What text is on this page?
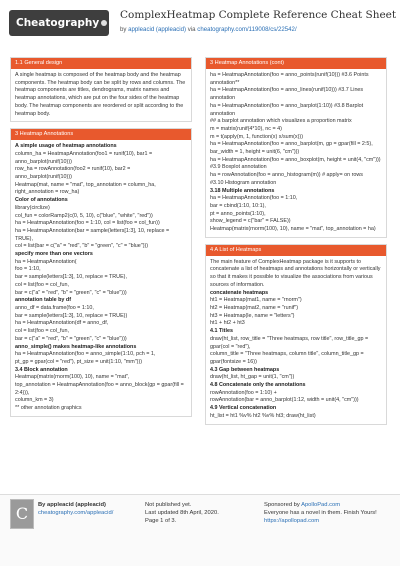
Cheatography
ComplexHeatmap Complete Reference Cheat Sheet
by appleacid (appleacid) via cheatography.com/119008/cs/22542/
1.1 General design

A single heatmap is composed of the heatmap body and the heatmap components. The heatmap body can be split by rows and columns. The heatmap components are titles, dendrograms, matrix names and heatmap annotations, which are put on the four sides of the heatmap body. The heatmap components are reordered or split according to the heatmap body.

3 Heatmap Annotations

A simple usage of heatmap annotations

column_ha = HeatmapAnnotation(foo1 = runif(10), bar1 = anno_barplot(runif(10)))

row_ha = rowAnnotation(foo2 = runif(10), bar2 = anno_barplot(runif(10)))

Heatmap(mat, name = "mat", top_annotation = column_ha, right_annotation = row_ha)

Color of annotations

library(circlize)

col_fun = colorRamp2(c(0, 5, 10), c("blue", "white", "red"))

ha = HeatmapAnnotation(foo = 1:10, col = list(foo = col_fun))

ha = HeatmapAnnotation(bar = sample(letters[1:3], 10, replace = TRUE),

col = list(bar = c("a" = "red", "b" = "green", "c" = "blue")))

specify more than one vectors

ha = HeatmapAnnotation(

foo = 1:10,

bar = sample(letters[1:3], 10, replace = TRUE),

col = list(foo = col_fun,

bar = c("a" = "red", "b" = "green", "c" = "blue")))

annotation table by df

anno_df = data.frame(foo = 1:10,

bar = sample(letters[1:3], 10, replace = TRUE))

ha = HeatmapAnnotation(df = anno_df,

col = list(foo = col_fun,

bar = c("a" = "red", "b" = "green", "c" = "blue")))

anno_simple() makes heatmap-like annotations

ha = HeatmapAnnotation(foo = anno_simple(1:10, pch = 1,

pt_gp = gpar(col = "red"), pt_size = unit(1:10, "mm")))

3.4 Block annotation

Heatmap(matrix(rnorm(100), 10), name = "mat",

top_annotation = HeatmapAnnotation(foo = anno_block(gp = gpar(fill = 2:4))),

column_km = 3)

** other annotation graphics

3 Heatmap Annotations (cont)

ha = HeatmapAnnotation(foo = anno_points(runif(10))) #3.6 Points annotation**

ha = HeatmapAnnotation(foo = anno_lines(runif(10))) #3.7 Lines annotation

ha = HeatmapAnnotation(foo = anno_barplot(1:10)) #3.8 Barplot annotation

## a barplot annotation which visualizes a proportion matrix

m = matrix(runif(4*10), nc = 4)

m = t(apply(m, 1, function(x) x/sum(x)))

ha = HeatmapAnnotation(foo = anno_barplot(m, gp = gpar(fill = 2:5), bar_width = 1, height = unit(6, "cm")))

ha = HeatmapAnnotation(foo = anno_boxplot(m, height = unit(4, "cm"))) #3.9 Boxplot annotation

ha = rowAnnotation(foo = anno_histogram(m)) # apply= on rows

#3.10 Histogram annotation

3.18 Multiple annotations

ha = HeatmapAnnotation(foo = 1:10,

bar = cbind(1:10, 10:1),

pt = anno_points(1:10),

show_legend = c("bar" = FALSE))

Heatmap(matrix(rnorm(100), 10), name = "mat", top_annotation = ha)

4 A List of Heatmaps

The main feature of ComplexHeatmap package is it supports to concatenate a list of heatmaps and annotations horizontally or vertically so that it makes it possible to visualize the associations from various sources of information.

concatenate heatmaps

ht1 = Heatmap(mat1, name = "rnorm")

ht2 = Heatmap(mat2, name = "runif")

ht3 = Heatmap(le, name = "letters")

ht1 + ht2 + ht3

4.1 Titles

draw(ht_list, row_title = "Three heatmaps, row title", row_title_gp = gpar(col = "red"),

column_title = "Three heatmaps, column title", column_title_gp = gpar(fontsize = 16))

4.3 Gap between heatmaps

draw(ht_list, ht_gap = unit(1, "cm"))

4.8 Concatenate only the annotations

rowAnnotation(foo = 1:10) +

rowAnnotation(bar = anno_barplot(1:12, width = unit(4, "cm")))

4.9 Vertical concatenation

ht_list = ht1 %v% ht2 %v% ht3; draw(ht_list)

C	By appleacid (appleacid)
cheatography.com/appleacid/
Not published yet.
Last updated 8th April, 2020.
Page 1 of 3.
Sponsored by ApolloPad.com
Everyone has a novel in them. Finish Yours!
https://apollopad.com
